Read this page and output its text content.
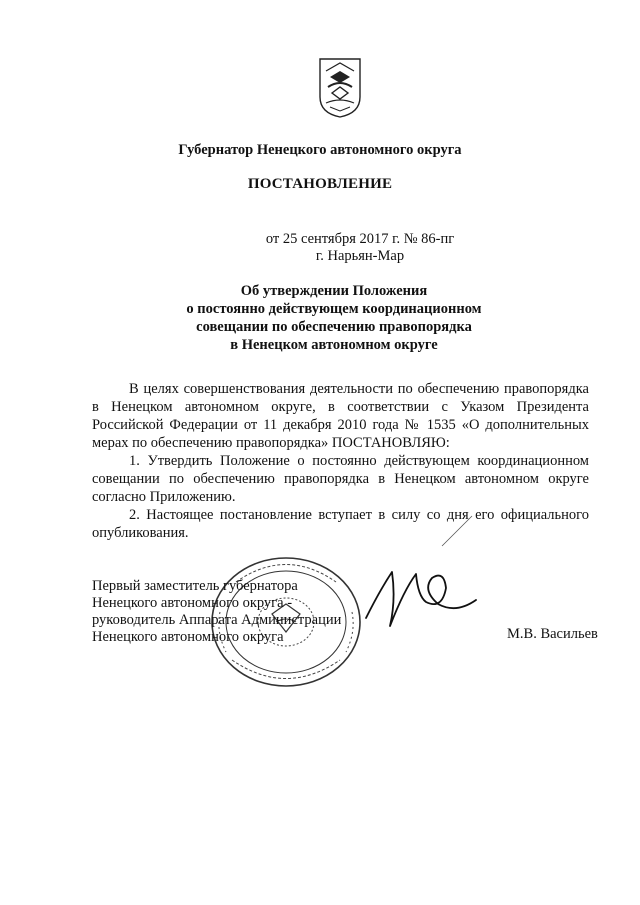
Губернатор Ненецкого автономного округа
ПОСТАНОВЛЕНИЕ
от 25 сентября 2017 г. № 86-пг
г. Нарьян-Мар
Об утверждении Положения
о постоянно действующем координационном
совещании по обеспечению правопорядка
в Ненецком автономном округе

В целях совершенствования деятельности по обеспечению правопорядка в Ненецком автономном округе, в соответствии с Указом Президента Российской Федерации от 11 декабря 2010 года № 1535 «О дополнительных мерах по обеспечению правопорядка» ПОСТАНОВЛЯЮ:

1. Утвердить Положение о постоянно действующем координационном совещании по обеспечению правопорядка в Ненецком автономном округе согласно Приложению.

2. Настоящее постановление вступает в силу со дня его официального опубликования.

Первый заместитель губернатора
Ненецкого автономного округа -
руководитель Аппарата Администрации
Ненецкого автономного округа	М.В. Васильев
